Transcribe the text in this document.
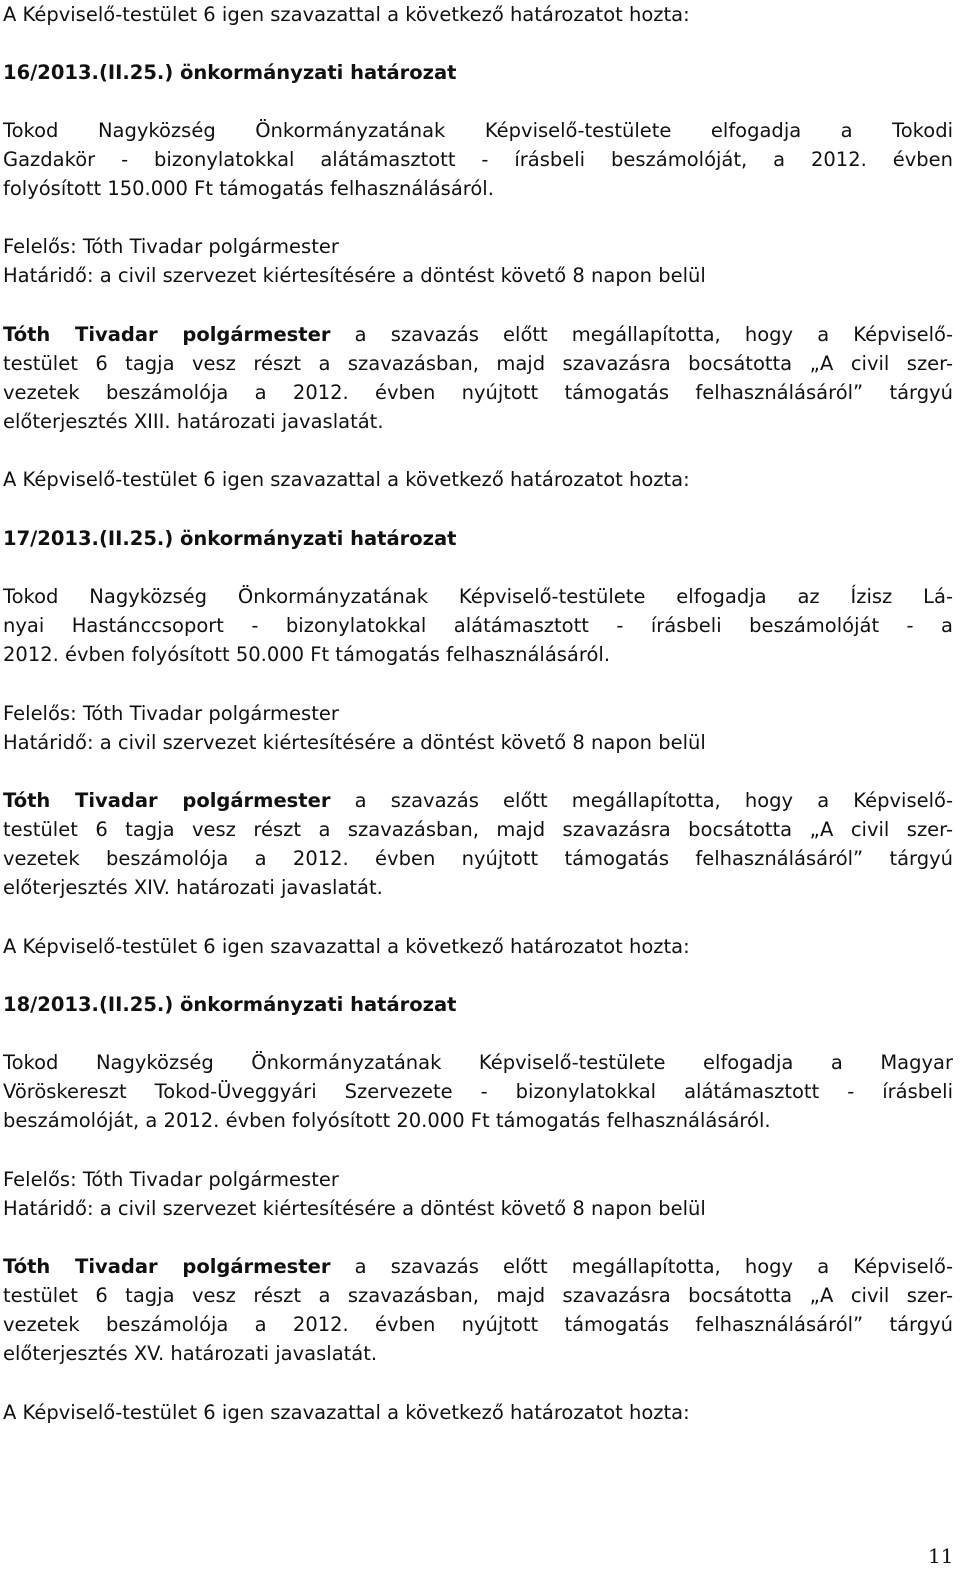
A Képviselő-testület 6 igen szavazattal a következő határozatot hozta:
16/2013.(II.25.) önkormányzati határozat
Tokod Nagyközség Önkormányzatának Képviselő-testülete elfogadja a Tokodi
Gazdakör - bizonylatokkal alátámasztott - írásbeli beszámolóját, a 2012. évben
folyósított 150.000 Ft támogatás felhasználásáról.
Felelős: Tóth Tivadar polgármester
Határidő: a civil szervezet kiértesítésére a döntést követő 8 napon belül
Tóth Tivadar polgármester a szavazás előtt megállapította, hogy a Képviselő-
testület 6 tagja vesz részt a szavazásban, majd szavazásra bocsátotta „A civil szer-
vezetek beszámolója a 2012. évben nyújtott támogatás felhasználásáról” tárgyú
előterjesztés XIII. határozati javaslatát.
A Képviselő-testület 6 igen szavazattal a következő határozatot hozta:
17/2013.(II.25.) önkormányzati határozat
Tokod Nagyközség Önkormányzatának Képviselő-testülete elfogadja az Ízisz Lá-
nyai Hastánccsoport - bizonylatokkal alátámasztott - írásbeli beszámolóját - a
2012. évben folyósított 50.000 Ft támogatás felhasználásáról.
Felelős: Tóth Tivadar polgármester
Határidő: a civil szervezet kiértesítésére a döntést követő 8 napon belül
Tóth Tivadar polgármester a szavazás előtt megállapította, hogy a Képviselő-
testület 6 tagja vesz részt a szavazásban, majd szavazásra bocsátotta „A civil szer-
vezetek beszámolója a 2012. évben nyújtott támogatás felhasználásáról” tárgyú
előterjesztés XIV. határozati javaslatát.
A Képviselő-testület 6 igen szavazattal a következő határozatot hozta:
18/2013.(II.25.) önkormányzati határozat
Tokod Nagyközség Önkormányzatának Képviselő-testülete elfogadja a Magyar
Vöröskereszt Tokod-Üveggyári Szervezete - bizonylatokkal alátámasztott - írásbeli
beszámolóját, a 2012. évben folyósított 20.000 Ft támogatás felhasználásáról.
Felelős: Tóth Tivadar polgármester
Határidő: a civil szervezet kiértesítésére a döntést követő 8 napon belül
Tóth Tivadar polgármester a szavazás előtt megállapította, hogy a Képviselő-
testület 6 tagja vesz részt a szavazásban, majd szavazásra bocsátotta „A civil szer-
vezetek beszámolója a 2012. évben nyújtott támogatás felhasználásáról” tárgyú
előterjesztés XV. határozati javaslatát.
A Képviselő-testület 6 igen szavazattal a következő határozatot hozta:
11
